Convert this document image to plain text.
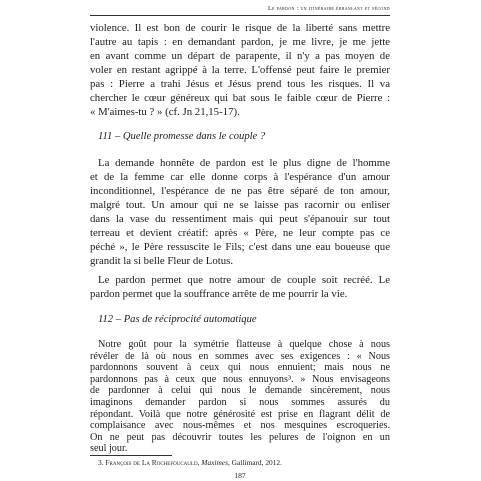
Le pardon : un itinéraire ébranlant et fécond
violence. Il est bon de courir le risque de la liberté sans mettre
l'autre au tapis : en demandant pardon, je me livre, je me jette
en avant comme un départ de parapente, il n'y a pas moyen de
voler en restant agrippé à la terre. L'offensé peut faire le premier
pas : Pierre a trahi Jésus et Jésus prend tous les risques. Il va
chercher le cœur généreux qui bat sous le faible cœur de Pierre :
« M'aimes-tu ? » (cf. Jn 21,15-17).
111 – Quelle promesse dans le couple ?
La demande honnête de pardon est le plus digne de l'homme
et de la femme car elle donne corps à l'espérance d'un amour
inconditionnel, l'espérance de ne pas être séparé de ton amour,
malgré tout. Un amour qui ne se laisse pas racornir ou enliser
dans la vase du ressentiment mais qui peut s'épanouir sur tout
terreau et devient créatif: après « Père, ne leur compte pas ce
péché », le Père ressuscite le Fils; c'est dans une eau boueuse que
grandit la si belle Fleur de Lotus.
Le pardon permet que notre amour de couple soit recréé. Le
pardon permet que la souffrance arrête de me pourrir la vie.
112 – Pas de réciprocité automatique
Notre goût pour la symétrie flatteuse à quelque chose à nous
révéler de là où nous en sommes avec ses exigences : « Nous
pardonnons souvent à ceux qui nous ennuient; mais nous ne
pardonnons pas à ceux que nous ennuyons³. » Nous envisageons
de pardonner à celui qui nous le demande sincèrement, nous
imaginons demander pardon si nous sommes assurés du
répondant. Voilà que notre générosité est prise en flagrant délit de
complaisance avec nous-mêmes et nos mesquines escroqueries.
On ne peut pas découvrir toutes les pelures de l'oignon en un
seul jour.
3. François de La Rochefoucauld, Maximes, Gallimard, 2012.
187
